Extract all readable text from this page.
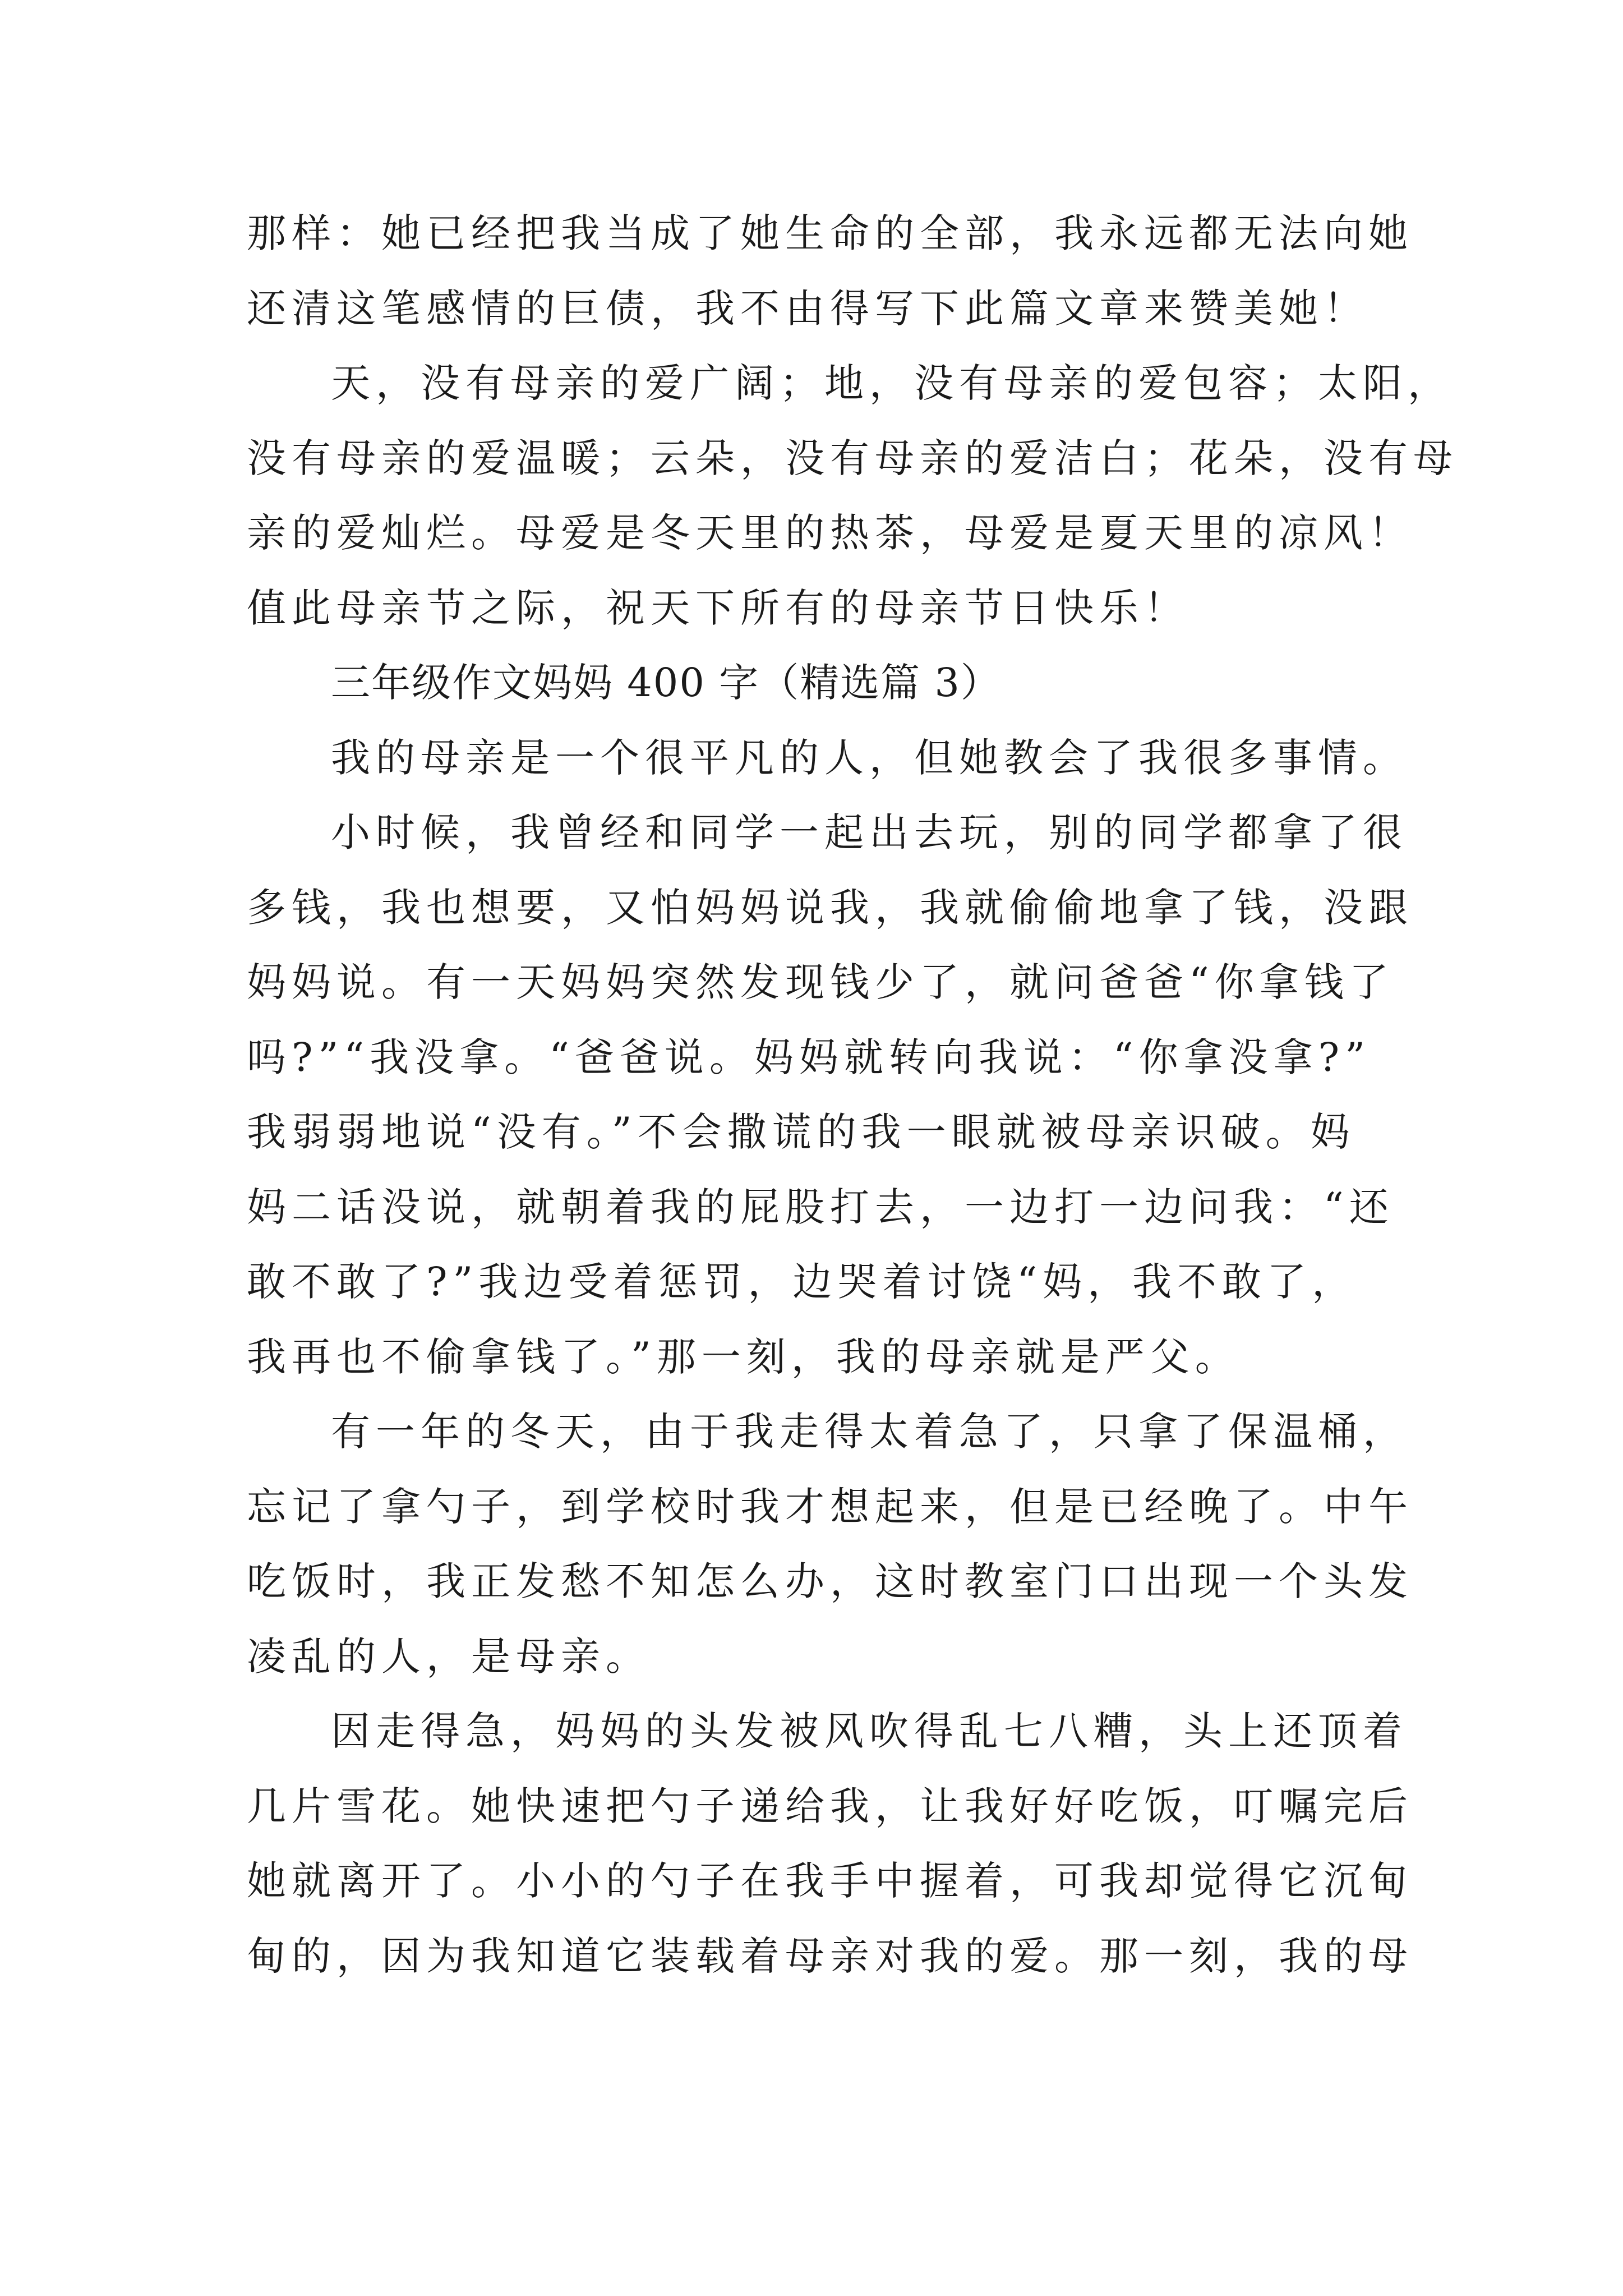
那样：她已经把我当成了她生命的全部，我永远都无法向她
还清这笔感情的巨债，我不由得写下此篇文章来赞美她！
天，没有母亲的爱广阔；地，没有母亲的爱包容；太阳，
没有母亲的爱温暖；云朵，没有母亲的爱洁白；花朵，没有母
亲的爱灿烂。母爱是冬天里的热茶，母爱是夏天里的凉风！
值此母亲节之际，祝天下所有的母亲节日快乐！
三年级作文妈妈 400 字（精选篇 3）
我的母亲是一个很平凡的人，但她教会了我很多事情。
小时候，我曾经和同学一起出去玩，别的同学都拿了很
多钱，我也想要，又怕妈妈说我，我就偷偷地拿了钱，没跟
妈妈说。有一天妈妈突然发现钱少了，就问爸爸“你拿钱了
吗?”“我没拿。“爸爸说。妈妈就转向我说：“你拿没拿?”
我弱弱地说“没有。”不会撒谎的我一眼就被母亲识破。妈
妈二话没说，就朝着我的屁股打去，一边打一边问我：“还
敢不敢了?”我边受着惩罚，边哭着讨饶“妈，我不敢了，
我再也不偷拿钱了。”那一刻，我的母亲就是严父。
有一年的冬天，由于我走得太着急了，只拿了保温桶，
忘记了拿勺子，到学校时我才想起来，但是已经晚了。中午
吃饭时，我正发愁不知怎么办，这时教室门口出现一个头发
凌乱的人，是母亲。
因走得急，妈妈的头发被风吹得乱七八糟，头上还顶着
几片雪花。她快速把勺子递给我，让我好好吃饭，叮嘱完后
她就离开了。小小的勺子在我手中握着，可我却觉得它沉甸
甸的，因为我知道它装载着母亲对我的爱。那一刻，我的母
